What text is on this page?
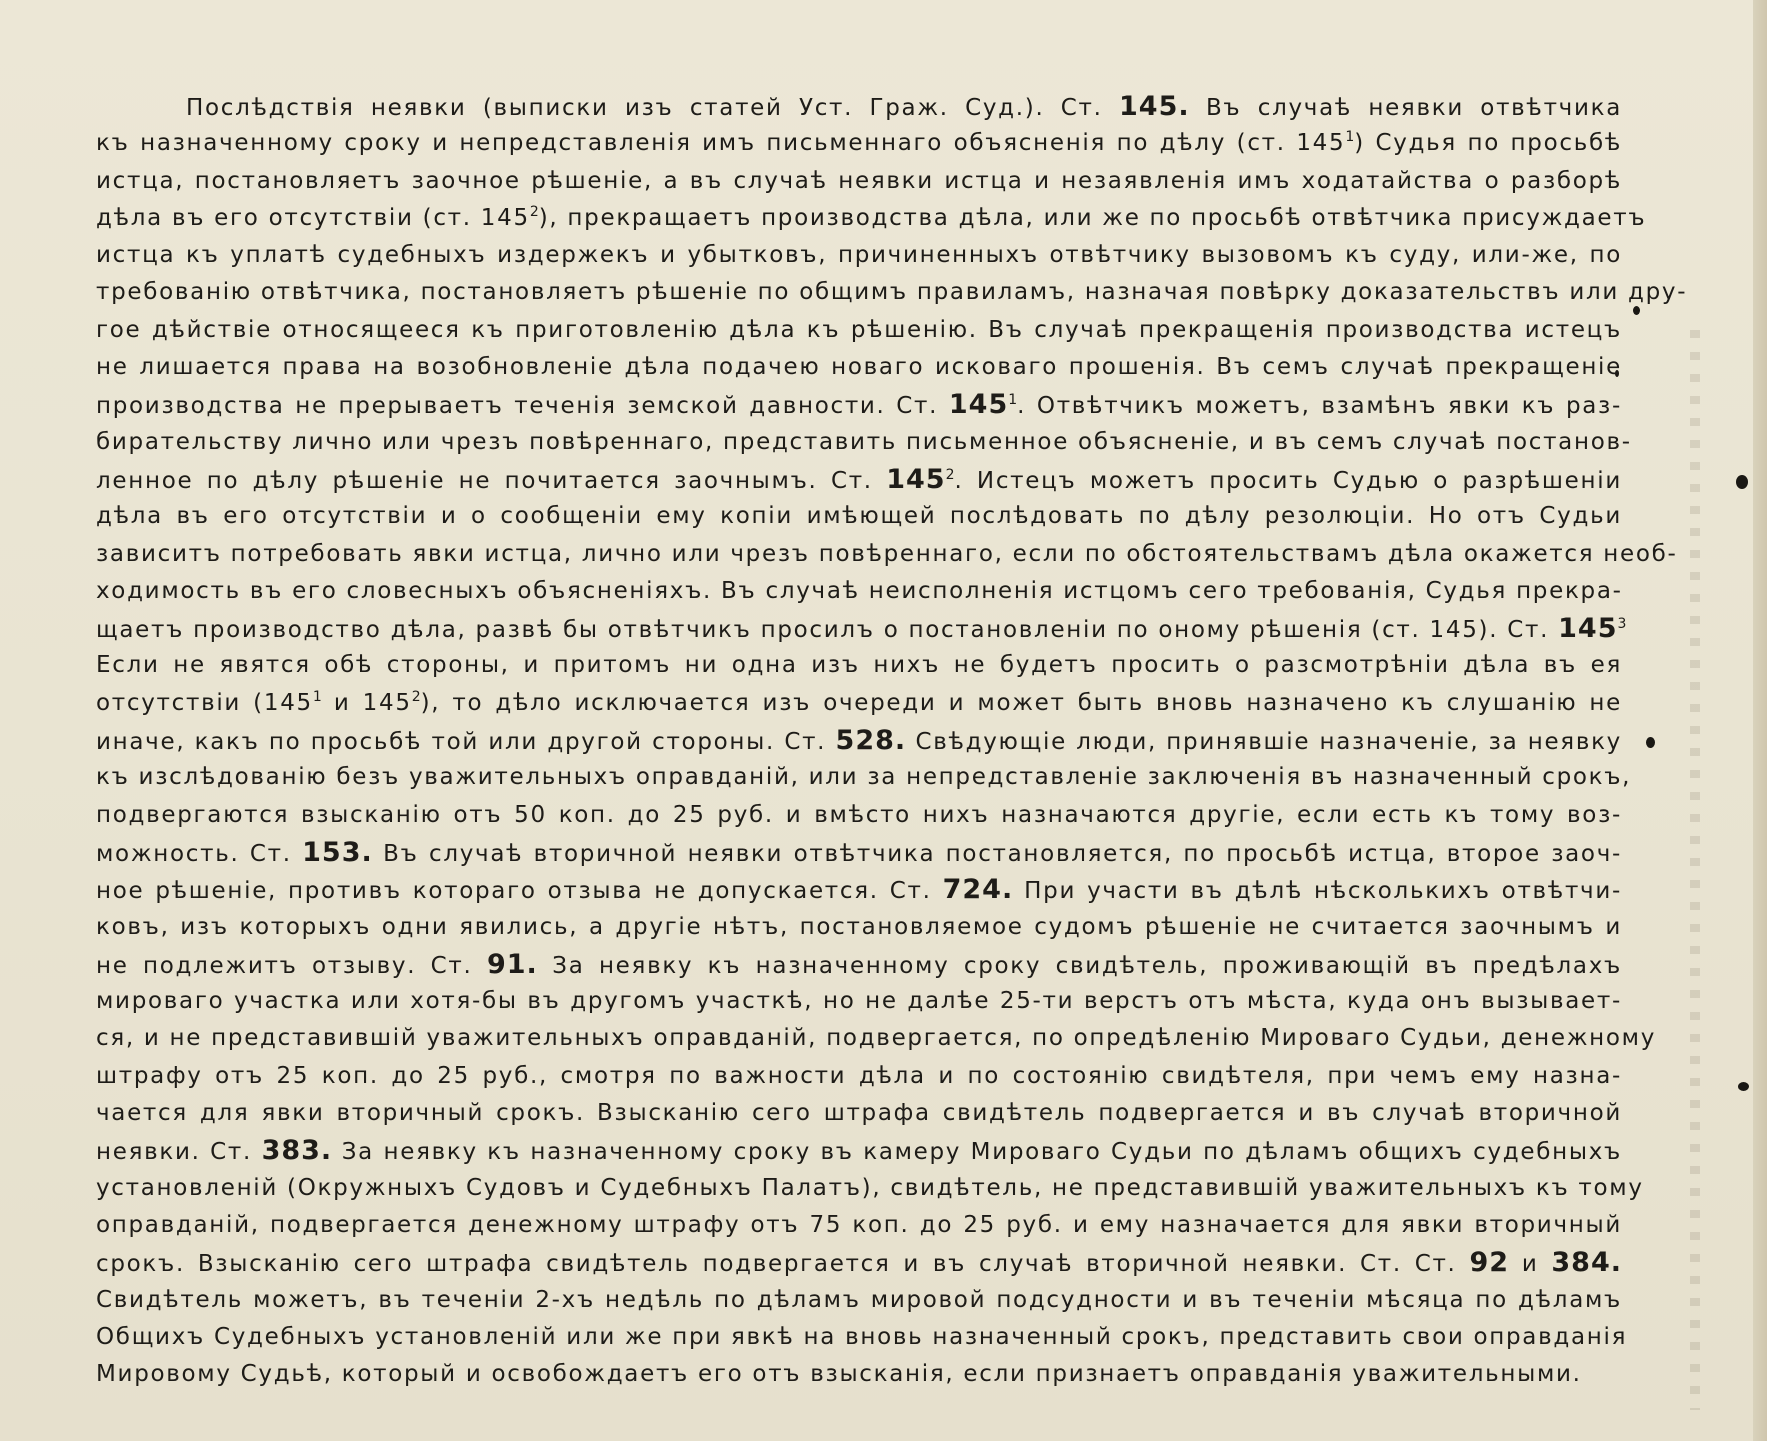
Послѣдствія неявки (выписки изъ статей Уст. Граж. Суд.). Ст. 145. Въ случаѣ неявки отвѣтчика
къ назначенному сроку и непредставленія имъ письменнаго объясненія по дѣлу (ст. $145^1$) Судья по просьбѣ
истца, постановляетъ заочное рѣшеніе, а въ случаѣ неявки истца и незаявленія имъ ходатайства о разборѣ
дѣла въ его отсутствіи (ст. $145^2$), прекращаетъ производства дѣла, или же по просьбѣ отвѣтчика присуждаетъ
истца къ уплатѣ судебныхъ издержекъ и убытковъ, причиненныхъ отвѣтчику вызовомъ къ суду, или-же, по
требованію отвѣтчика, постановляетъ рѣшеніе по общимъ правиламъ, назначая повѣрку доказательствъ или дру-
гое дѣйствіе относящееся къ приготовленію дѣла къ рѣшенію. Въ случаѣ прекращенія производства истецъ
не лишается права на возобновленіе дѣла подачею новаго исковаго прошенія. Въ семъ случаѣ прекращеніе
производства не прерываетъ теченія земской давности. Ст. $145^1$. Отвѣтчикъ можетъ, взамѣнъ явки къ раз-
бирательству лично или чрезъ повѣреннаго, представить письменное объясненіе, и въ семъ случаѣ постанов-
ленное по дѣлу рѣшеніе не почитается заочнымъ. Ст. $145^2$. Истецъ можетъ просить Судью о разрѣшеніи
дѣла въ его отсутствіи и о сообщеніи ему копіи имѣющей послѣдовать по дѣлу резолюціи. Но отъ Судьи
зависитъ потребовать явки истца, лично или чрезъ повѣреннаго, если по обстоятельствамъ дѣла окажется необ-
ходимость въ его словесныхъ объясненіяхъ. Въ случаѣ неисполненія истцомъ сего требованія, Судья прекра-
щаетъ производство дѣла, развѣ бы отвѣтчикъ просилъ о постановленіи по оному рѣшенія (ст. 145). Ст. $145^3$
Если не явятся обѣ стороны, и притомъ ни одна изъ нихъ не будетъ просить о разсмотрѣніи дѣла въ ея
отсутствіи ($145^1$ и $145^2$), то дѣло исключается изъ очереди и может быть вновь назначено къ слушанію не
иначе, какъ по просьбѣ той или другой стороны. Ст. 528. Свѣдующіе люди, принявшіе назначеніе, за неявку
къ изслѣдованію безъ уважительныхъ оправданій, или за непредставленіе заключенія въ назначенный срокъ,
подвергаются взысканію отъ 50 коп. до 25 руб. и вмѣсто нихъ назначаются другіе, если есть къ тому воз-
можность. Ст. 153. Въ случаѣ вторичной неявки отвѣтчика постановляется, по просьбѣ истца, второе заоч-
ное рѣшеніе, противъ котораго отзыва не допускается. Ст. 724. При участи въ дѣлѣ нѣсколькихъ отвѣтчи-
ковъ, изъ которыхъ одни явились, а другіе нѣтъ, постановляемое судомъ рѣшеніе не считается заочнымъ и
не подлежитъ отзыву. Ст. 91. За неявку къ назначенному сроку свидѣтель, проживающій въ предѣлахъ
мироваго участка или хотя-бы въ другомъ участкѣ, но не далѣе 25-ти верстъ отъ мѣста, куда онъ вызывает-
ся, и не представившій уважительныхъ оправданій, подвергается, по опредѣленію Мироваго Судьи, денежному
штрафу отъ 25 коп. до 25 руб., смотря по важности дѣла и по состоянію свидѣтеля, при чемъ ему назна-
чается для явки вторичный срокъ. Взысканію сего штрафа свидѣтель подвергается и въ случаѣ вторичной
неявки. Ст. 383. За неявку къ назначенному сроку въ камеру Мироваго Судьи по дѣламъ общихъ судебныхъ
установленій (Окружныхъ Судовъ и Судебныхъ Палатъ), свидѣтель, не представившій уважительныхъ къ тому
оправданій, подвергается денежному штрафу отъ 75 коп. до 25 руб. и ему назначается для явки вторичный
срокъ. Взысканію сего штрафа свидѣтель подвергается и въ случаѣ вторичной неявки. Ст. Ст. 92 и 384.
Свидѣтель можетъ, въ теченіи 2-хъ недѣль по дѣламъ мировой подсудности и въ теченіи мѣсяца по дѣламъ
Общихъ Судебныхъ установленій или же при явкѣ на вновь назначенный срокъ, представить свои оправданія
Мировому Судьѣ, который и освобождаетъ его отъ взысканія, если признаетъ оправданія уважительными.
